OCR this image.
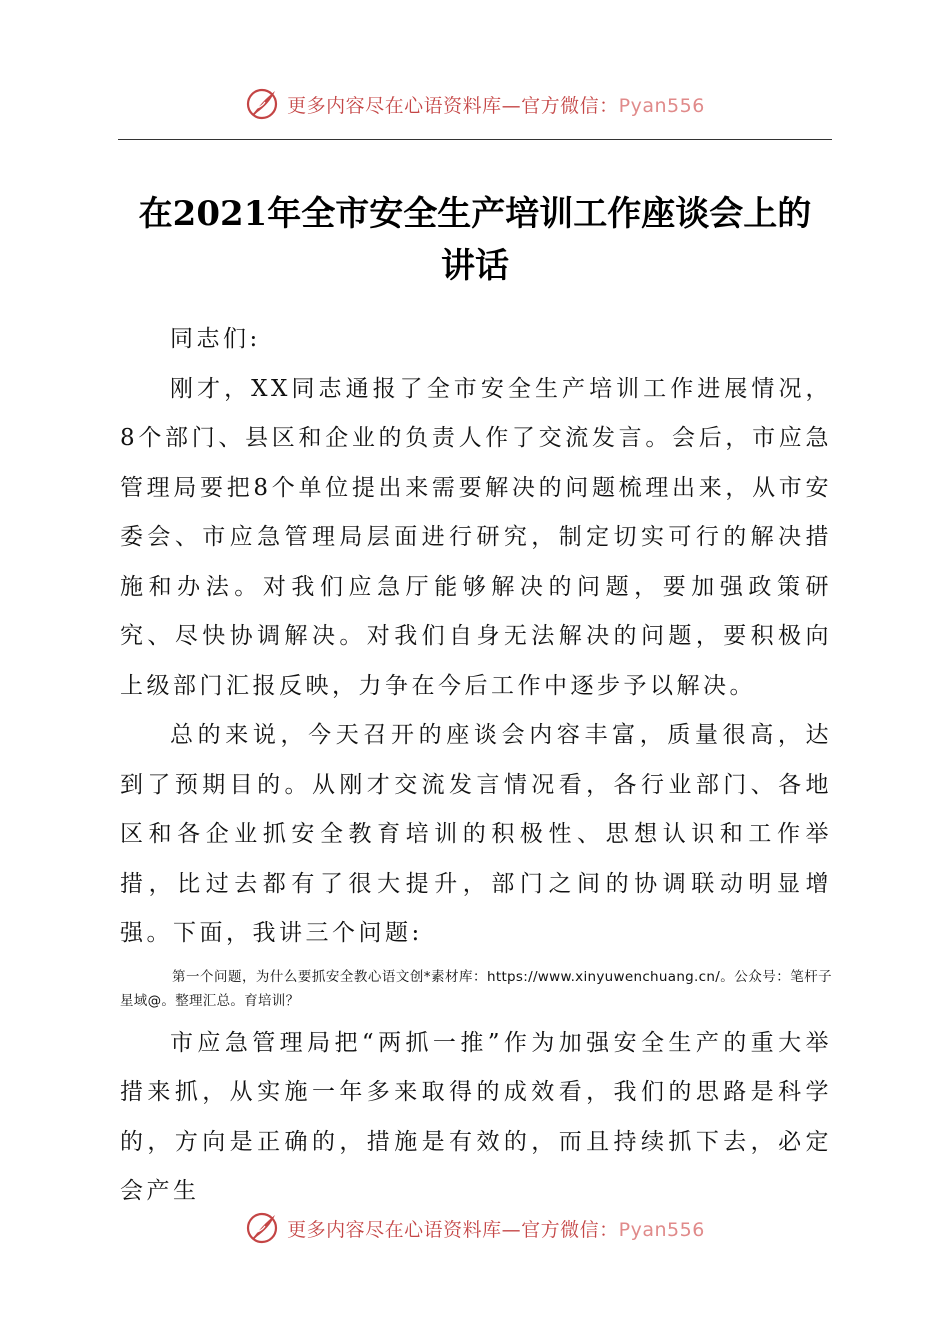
更多内容尽在心语资料库—官方微信：Pyan556
在2021年全市安全生产培训工作座谈会上的
讲话

同志们:

刚才，XX同志通报了全市安全生产培训工作进展情况，8个部门、县区和企业的负责人作了交流发言。会后，市应急管理局要把8个单位提出来需要解决的问题梳理出来，从市安委会、市应急管理局层面进行研究，制定切实可行的解决措施和办法。对我们应急厅能够解决的问题，要加强政策研究、尽快协调解决。对我们自身无法解决的问题，要积极向上级部门汇报反映，力争在今后工作中逐步予以解决。

总的来说，今天召开的座谈会内容丰富，质量很高，达到了预期目的。从刚才交流发言情况看，各行业部门、各地区和各企业抓安全教育培训的积极性、思想认识和工作举措，比过去都有了很大提升，部门之间的协调联动明显增强。下面，我讲三个问题:

第一个问题，为什么要抓安全教心语文创*素材库：https://www.xinyuwenchuang.cn/。公众号：笔杆子星域@。整理汇总。育培训？

市应急管理局把“两抓一推”作为加强安全生产的重大举措来抓，从实施一年多来取得的成效看，我们的思路是科学的，方向是正确的，措施是有效的，而且持续抓下去，必定会产生

更多内容尽在心语资料库—官方微信：Pyan556
